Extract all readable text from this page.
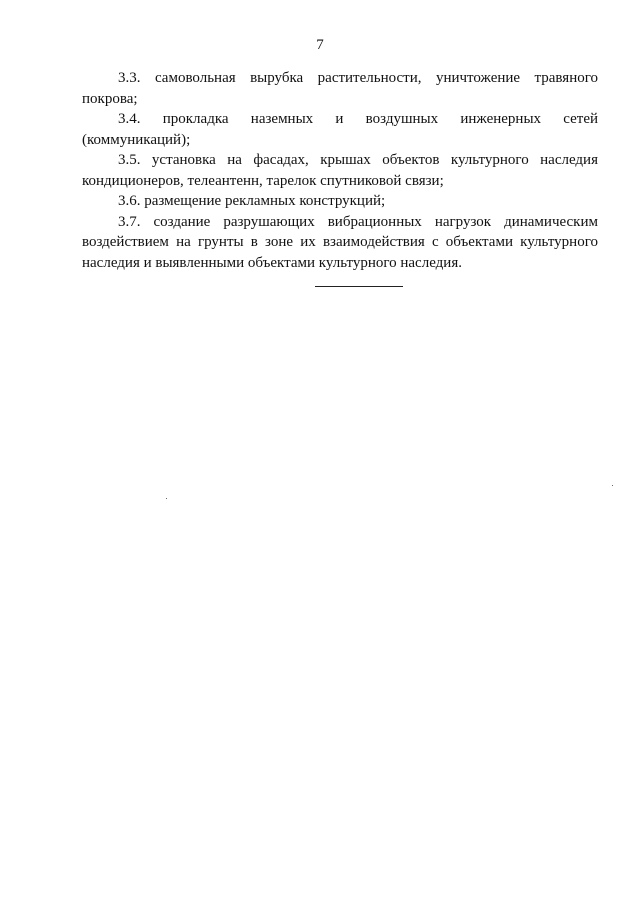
7

3.3. самовольная вырубка растительности, уничтожение травяного покрова;

3.4. прокладка наземных и воздушных инженерных сетей (коммуникаций);

3.5. установка на фасадах, крышах объектов культурного наследия кондиционеров, телеантенн, тарелок спутниковой связи;

3.6. размещение рекламных конструкций;

3.7. создание разрушающих вибрационных нагрузок динамическим воздействием на грунты в зоне их взаимодействия с объектами культурного наследия и выявленными объектами культурного наследия.
